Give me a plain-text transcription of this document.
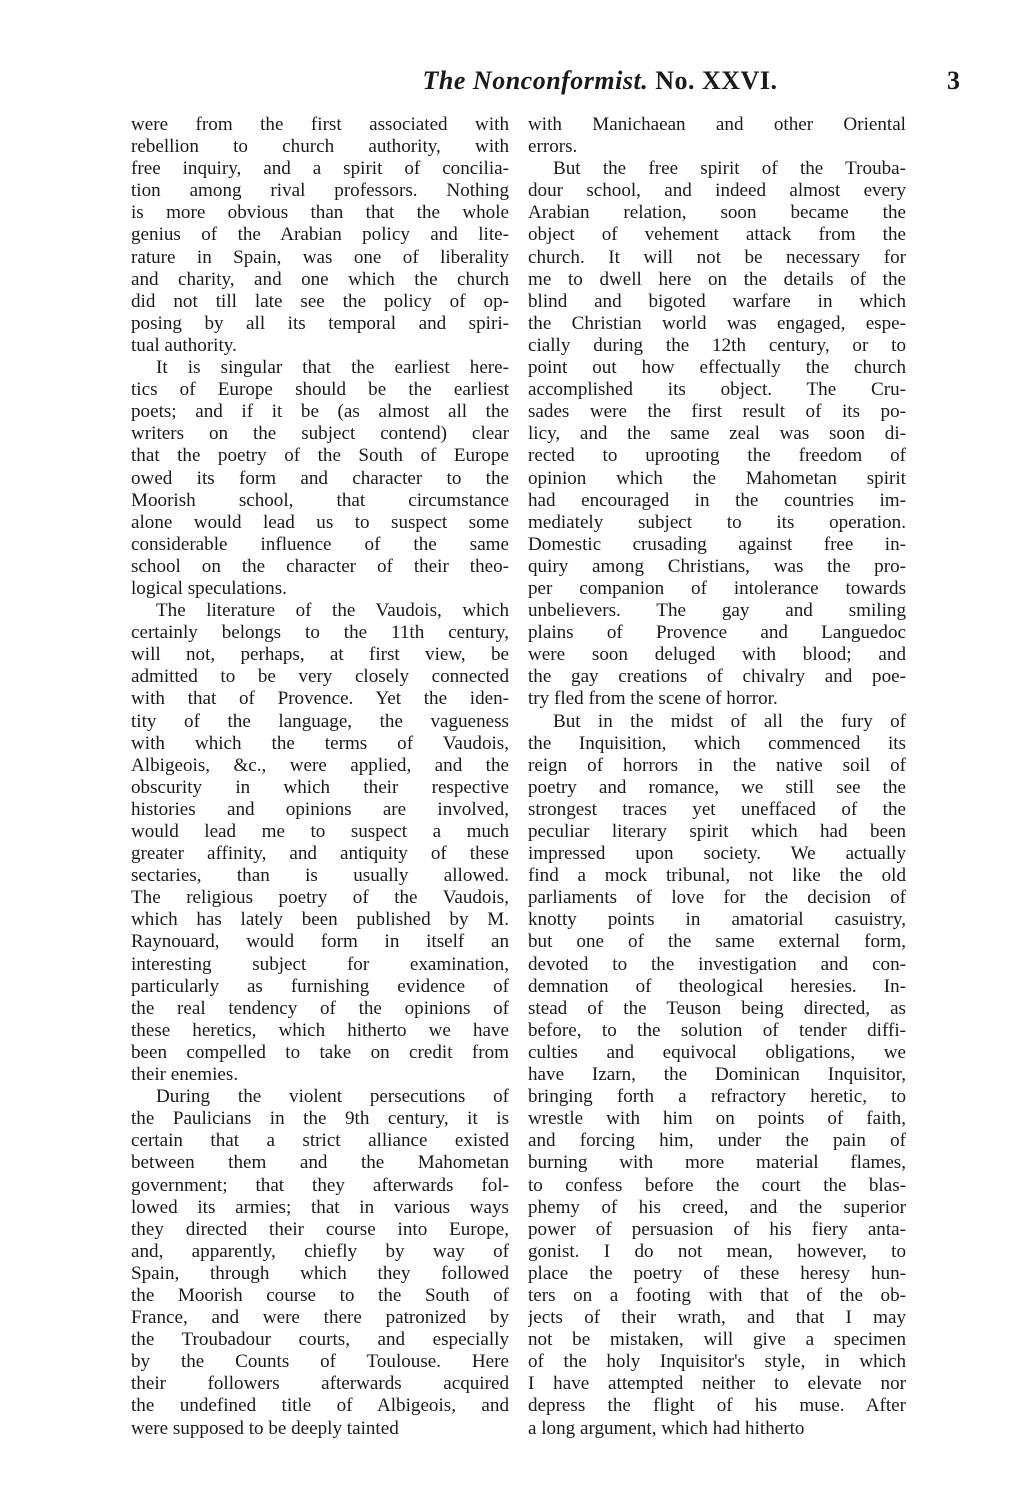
The Nonconformist. No. XXVI.	3
were from the first associated with
rebellion to church authority, with
free inquiry, and a spirit of concilia-
tion among rival professors. Nothing
is more obvious than that the whole
genius of the Arabian policy and lite-
rature in Spain, was one of liberality
and charity, and one which the church
did not till late see the policy of op-
posing by all its temporal and spiri-
tual authority.
It is singular that the earliest here-
tics of Europe should be the earliest
poets; and if it be (as almost all the
writers on the subject contend) clear
that the poetry of the South of Europe
owed its form and character to the
Moorish school, that circumstance
alone would lead us to suspect some
considerable influence of the same
school on the character of their theo-
logical speculations.
The literature of the Vaudois, which
certainly belongs to the 11th century,
will not, perhaps, at first view, be
admitted to be very closely connected
with that of Provence. Yet the iden-
tity of the language, the vagueness
with which the terms of Vaudois,
Albigeois, &c., were applied, and the
obscurity in which their respective
histories and opinions are involved,
would lead me to suspect a much
greater affinity, and antiquity of these
sectaries, than is usually allowed.
The religious poetry of the Vaudois,
which has lately been published by M.
Raynouard, would form in itself an
interesting subject for examination,
particularly as furnishing evidence of
the real tendency of the opinions of
these heretics, which hitherto we have
been compelled to take on credit from
their enemies.
During the violent persecutions of
the Paulicians in the 9th century, it is
certain that a strict alliance existed
between them and the Mahometan
government; that they afterwards fol-
lowed its armies; that in various ways
they directed their course into Europe,
and, apparently, chiefly by way of
Spain, through which they followed
the Moorish course to the South of
France, and were there patronized by
the Troubadour courts, and especially
by the Counts of Toulouse. Here
their followers afterwards acquired
the undefined title of Albigeois, and
were supposed to be deeply tainted
with Manichaean and other Oriental
errors.
But the free spirit of the Trouba-
dour school, and indeed almost every
Arabian relation, soon became the
object of vehement attack from the
church. It will not be necessary for
me to dwell here on the details of the
blind and bigoted warfare in which
the Christian world was engaged, espe-
cially during the 12th century, or to
point out how effectually the church
accomplished its object. The Cru-
sades were the first result of its po-
licy, and the same zeal was soon di-
rected to uprooting the freedom of
opinion which the Mahometan spirit
had encouraged in the countries im-
mediately subject to its operation.
Domestic crusading against free in-
quiry among Christians, was the pro-
per companion of intolerance towards
unbelievers. The gay and smiling
plains of Provence and Languedoc
were soon deluged with blood; and
the gay creations of chivalry and poe-
try fled from the scene of horror.
But in the midst of all the fury of
the Inquisition, which commenced its
reign of horrors in the native soil of
poetry and romance, we still see the
strongest traces yet uneffaced of the
peculiar literary spirit which had been
impressed upon society. We actually
find a mock tribunal, not like the old
parliaments of love for the decision of
knotty points in amatorial casuistry,
but one of the same external form,
devoted to the investigation and con-
demnation of theological heresies. In-
stead of the Teuson being directed, as
before, to the solution of tender diffi-
culties and equivocal obligations, we
have Izarn, the Dominican Inquisitor,
bringing forth a refractory heretic, to
wrestle with him on points of faith,
and forcing him, under the pain of
burning with more material flames,
to confess before the court the blas-
phemy of his creed, and the superior
power of persuasion of his fiery anta-
gonist. I do not mean, however, to
place the poetry of these heresy hun-
ters on a footing with that of the ob-
jects of their wrath, and that I may
not be mistaken, will give a specimen
of the holy Inquisitor's style, in which
I have attempted neither to elevate nor
depress the flight of his muse. After
a long argument, which had hitherto
